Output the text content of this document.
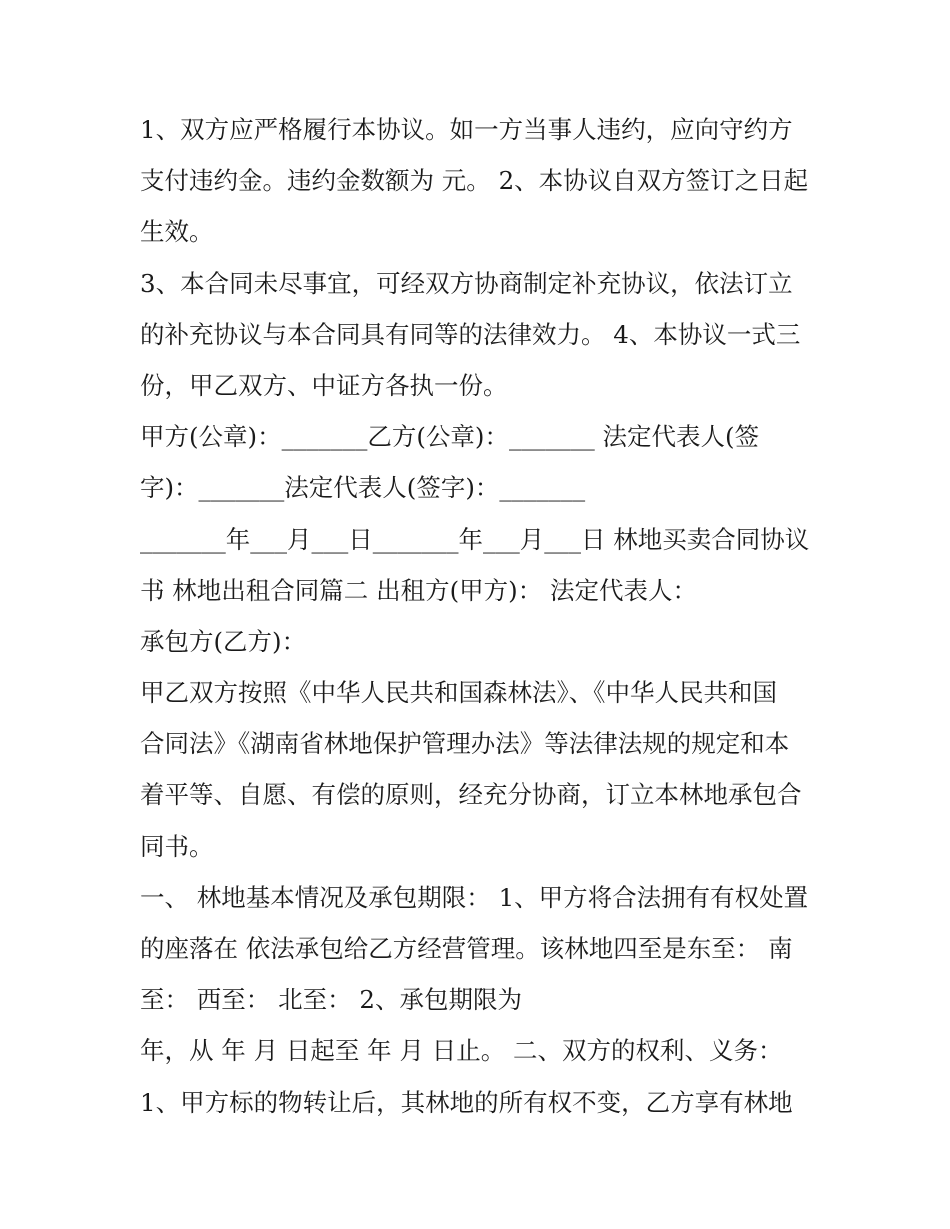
1、双方应严格履行本协议。如一方当事人违约，应向守约方
支付违约金。违约金数额为 元。 2、本协议自双方签订之日起
生效。
3、本合同未尽事宜，可经双方协商制定补充协议，依法订立
的补充协议与本合同具有同等的法律效力。 4、本协议一式三
份，甲乙双方、中证方各执一份。
甲方(公章)：_______乙方(公章)：_______ 法定代表人(签
字)：_______法定代表人(签字)：_______
_______年___月___日_______年___月___日 林地买卖合同协议
书 林地出租合同篇二 出租方(甲方)： 法定代表人：
承包方(乙方)：
甲乙双方按照《中华人民共和国森林法》、《中华人民共和国
合同法》《湖南省林地保护管理办法》等法律法规的规定和本
着平等、自愿、有偿的原则，经充分协商，订立本林地承包合
同书。
一、 林地基本情况及承包期限： 1、甲方将合法拥有有权处置
的座落在 依法承包给乙方经营管理。该林地四至是东至： 南
至： 西至： 北至： 2、承包期限为
年，从 年 月 日起至 年 月 日止。 二、双方的权利、义务：
1、甲方标的物转让后，其林地的所有权不变，乙方享有林地
